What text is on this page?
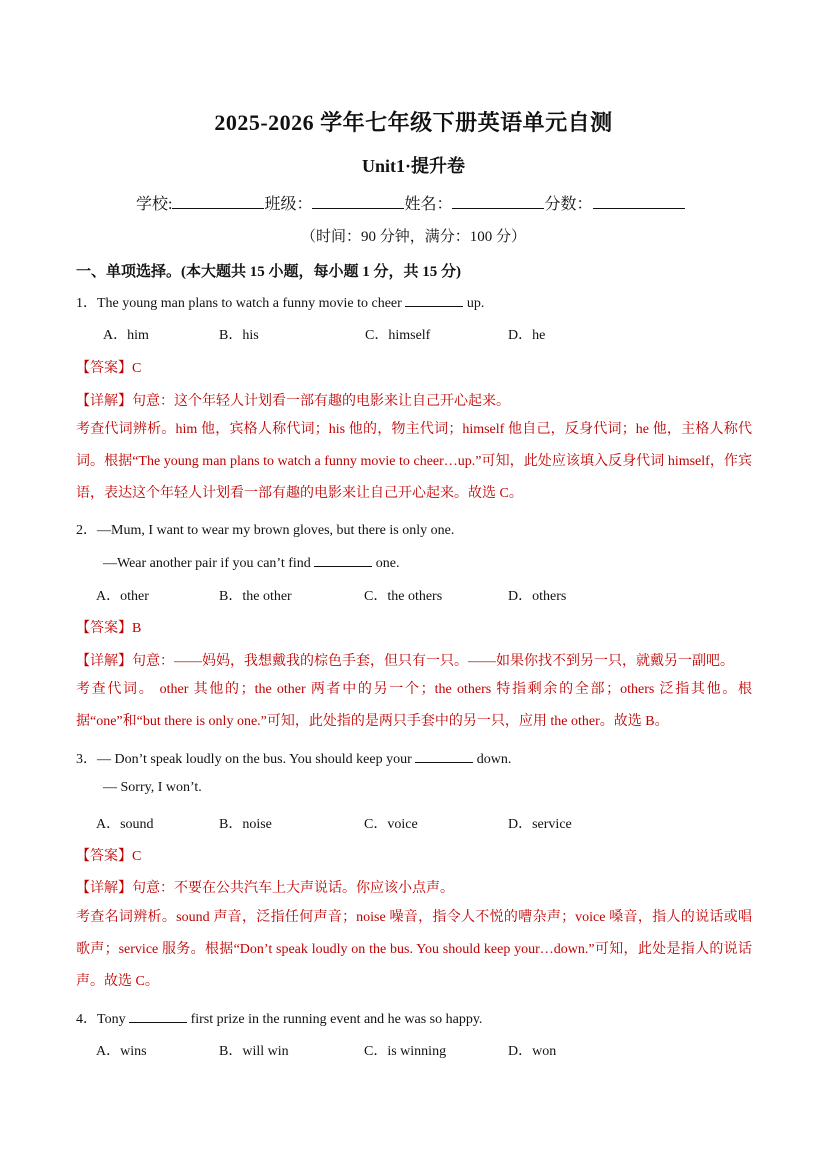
2025-2026 学年七年级下册英语单元自测
Unit1·提升卷
学校:	班级：	姓名：	分数：
（时间：90 分钟，满分：100 分）
一、单项选择。(本大题共 15 小题，每小题 1 分，共 15 分)
1．The young man plans to watch a funny movie to cheer	up.
A．him	B．his	C．himself	D．he
【答案】C
【详解】句意：这个年轻人计划看一部有趣的电影来让自己开心起来。
考查代词辨析。him 他，宾格人称代词；his 他的，物主代词；himself 他自己，反身代词；he 他，主格人称代词。根据“The young man plans to watch a funny movie to cheer…up.”可知，此处应该填入反身代词 himself，作宾语，表达这个年轻人计划看一部有趣的电影来让自己开心起来。故选 C。
2．—Mum, I want to wear my brown gloves, but there is only one.
—Wear another pair if you can’t find	one.
A．other	B．the other	C．the others	D．others
【答案】B
【详解】句意：——妈妈，我想戴我的棕色手套，但只有一只。——如果你找不到另一只，就戴另一副吧。
考查代词。 other 其他的；the other 两者中的另一个；the others 特指剩余的全部；others 泛指其他。根据“one”和“but there is only one.”可知，此处指的是两只手套中的另一只，应用 the other。故选 B。
3．— Don’t speak loudly on the bus. You should keep your	down.
— Sorry, I won’t.
A．sound	B．noise	C．voice	D．service
【答案】C
【详解】句意：不要在公共汽车上大声说话。你应该小点声。
考查名词辨析。sound 声音，泛指任何声音；noise 噪音，指令人不悦的嘈杂声；voice 嗓音，指人的说话或唱歌声；service 服务。根据“Don’t speak loudly on the bus. You should keep your…down.”可知，此处是指人的说话声。故选 C。
4．Tony	first prize in the running event and he was so happy.
A．wins	B．will win	C．is winning	D．won
